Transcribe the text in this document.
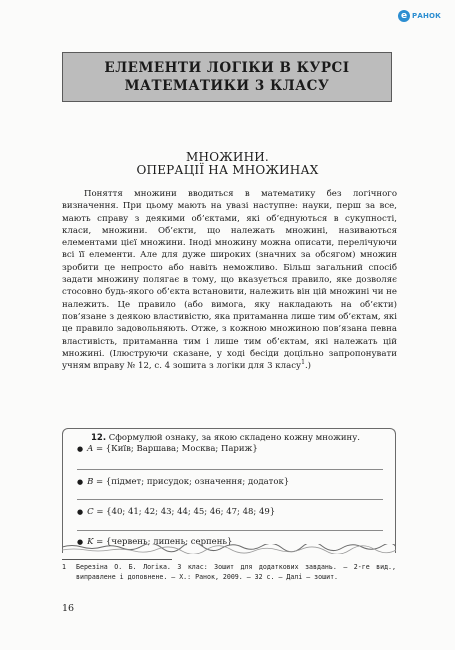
e РАНОК
ЕЛЕМЕНТИ ЛОГІКИ В КУРСІ МАТЕМАТИКИ 3 КЛАСУ
МНОЖИНИ.
ОПЕРАЦІЇ НА МНОЖИНАХ

Поняття множини вводиться в математику без логічного визначення. При цьому мають на увазі наступне: науки, перш за все, мають справу з деякими об’єктами, які об’єднуються в сукупності, класи, множини. Об’єкти, що належать множині, називаються елементами цієї множини. Іноді множину можна описати, перелічуючи всі її елементи. Але для дуже широких (значних за обсягом) множин зробити це непросто або навіть неможливо. Більш загальний спосіб задати множину полягає в тому, що вказується правило, яке дозволяє стосовно будь-якого об’єкта встановити, належить він цій множині чи не належить. Це правило (або вимога, яку накладають на об’єкти) пов’язане з деякою властивістю, яка притаманна лише тим об’єктам, які це правило задовольняють. Отже, з кожною множиною пов’язана певна властивість, притаманна тим і лише тим об’єктам, які належать цій множині. (Ілюструючи сказане, у ході бесіди доцільно запропонувати учням вправу № 12, с. 4 зошита з логіки для 3 класу$^1$.)

12. Сформулюй ознаку, за якою складено кожну множину.
● A = {Київ; Варшава; Москва; Париж}
● B = {підмет; присудок; означення; додаток}
● C = {40; 41; 42; 43; 44; 45; 46; 47; 48; 49}
● K = {червень; липень; серпень}
1 Березіна О. Б. Логіка. 3 клас: Зошит для додаткових завдань. — 2-ге вид., виправлене і доповнене. — Х.: Ранок, 2009. — 32 с. — Далі — зошит.
16
